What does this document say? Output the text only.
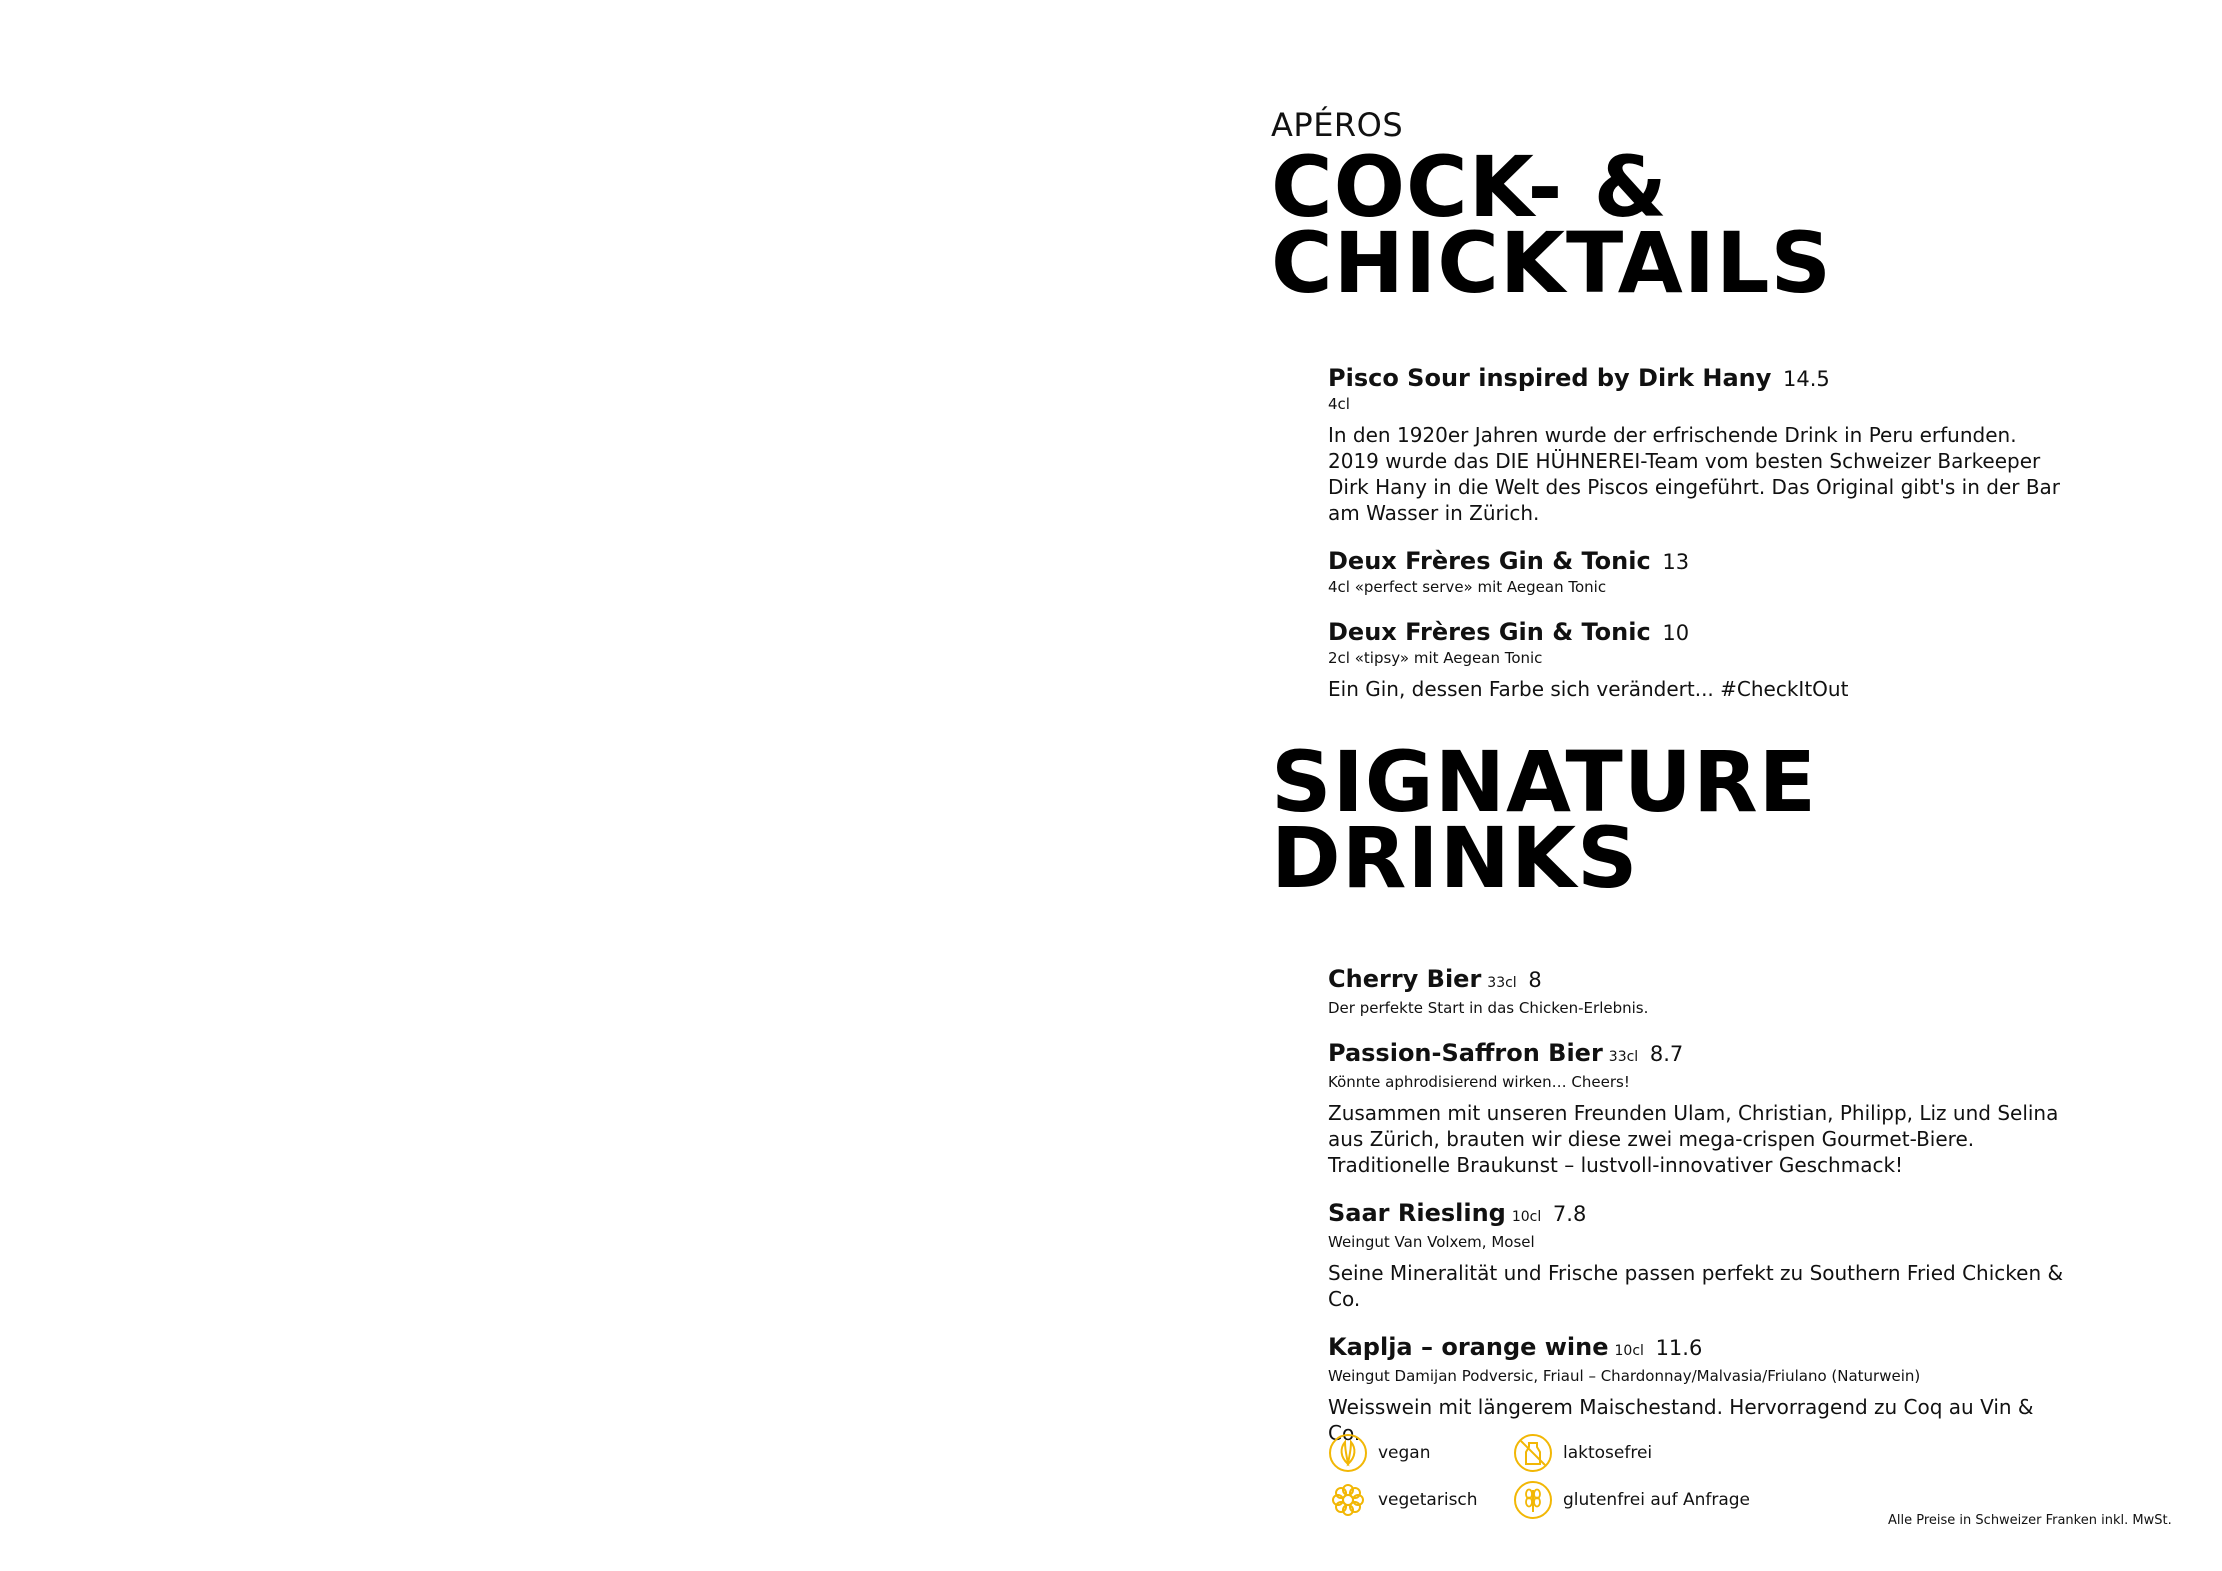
APÉROS

COCK- &
CHICKTAILS

Pisco Sour inspired by Dirk Hany 14.5

4cl

In den 1920er Jahren wurde der erfrischende Drink in Peru erfunden. 2019 wurde das DIE HÜHNEREI-Team vom besten Schweizer Barkeeper Dirk Hany in die Welt des Piscos eingeführt. Das Original gibt's in der Bar am Wasser in Zürich.

Deux Frères Gin & Tonic 13

4cl «perfect serve» mit Aegean Tonic

Deux Frères Gin & Tonic 10

2cl «tipsy» mit Aegean Tonic

Ein Gin, dessen Farbe sich verändert... #CheckItOut

SIGNATURE
DRINKS

Cherry Bier 33cl 8

Der perfekte Start in das Chicken-Erlebnis.

Passion-Saffron Bier 33cl 8.7

Könnte aphrodisierend wirken… Cheers!

Zusammen mit unseren Freunden Ulam, Christian, Philipp, Liz und Selina aus Zürich, brauten wir diese zwei mega-crispen Gourmet-Biere. Traditionelle Braukunst – lustvoll-innovativer Geschmack!

Saar Riesling 10cl 7.8

Weingut Van Volxem, Mosel

Seine Mineralität und Frische passen perfekt zu Southern Fried Chicken & Co.

Kaplja – orange wine 10cl 11.6

Weingut Damijan Podversic, Friaul – Chardonnay/Malvasia/Friulano (Naturwein)

Weisswein mit längerem Maischestand. Hervorragend zu Coq au Vin & Co.

vegan
vegetarisch
laktosefrei
glutenfrei auf Anfrage
Alle Preise in Schweizer Franken inkl. MwSt.
